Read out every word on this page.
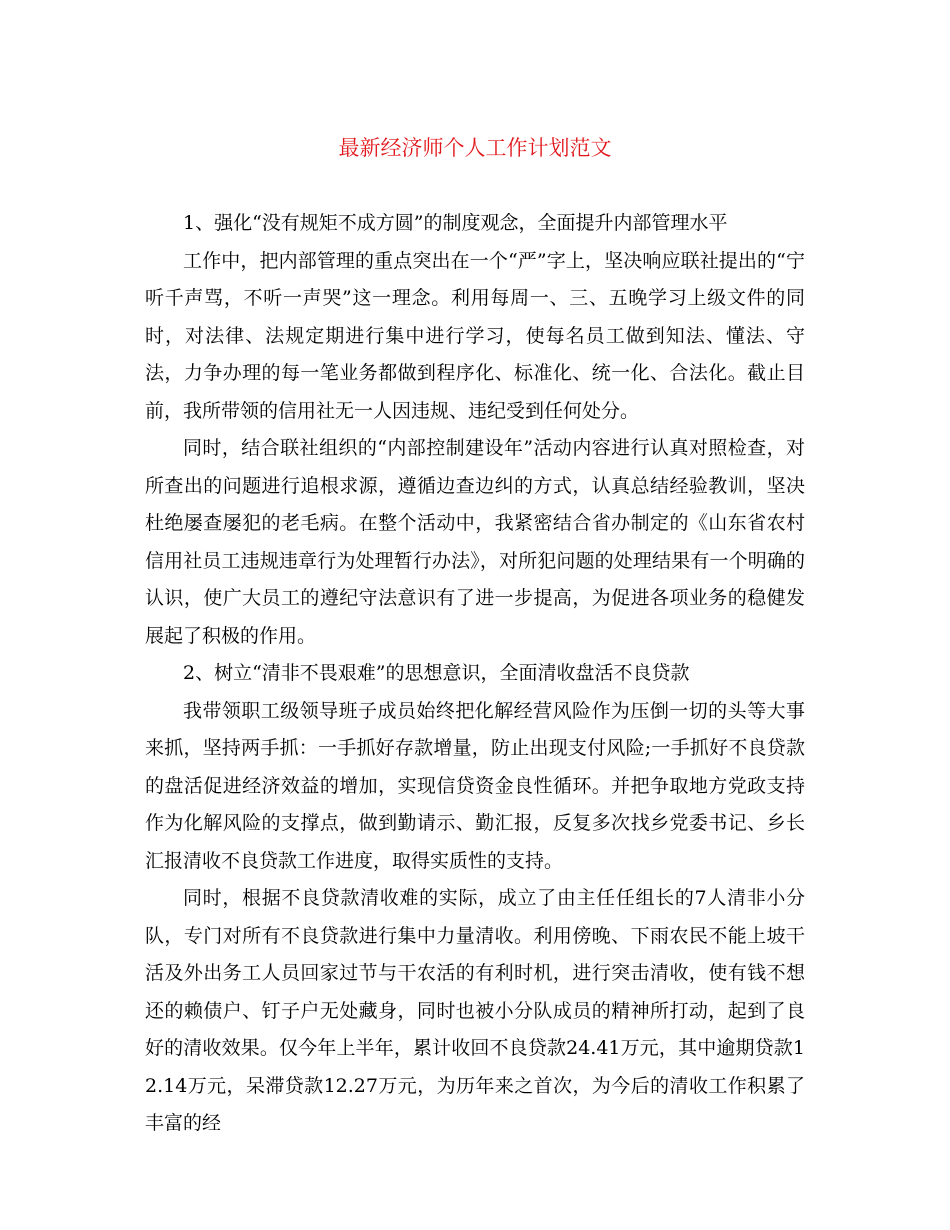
最新经济师个人工作计划范文

1、强化“没有规矩不成方圆”的制度观念，全面提升内部管理水平

工作中，把内部管理的重点突出在一个“严”字上，坚决响应联社提出的“宁听千声骂，不听一声哭”这一理念。利用每周一、三、五晚学习上级文件的同时，对法律、法规定期进行集中进行学习，使每名员工做到知法、懂法、守法，力争办理的每一笔业务都做到程序化、标准化、统一化、合法化。截止目前，我所带领的信用社无一人因违规、违纪受到任何处分。

同时，结合联社组织的“内部控制建设年”活动内容进行认真对照检查，对所查出的问题进行追根求源，遵循边查边纠的方式，认真总结经验教训，坚决杜绝屡查屡犯的老毛病。在整个活动中，我紧密结合省办制定的《山东省农村信用社员工违规违章行为处理暂行办法》，对所犯问题的处理结果有一个明确的认识，使广大员工的遵纪守法意识有了进一步提高，为促进各项业务的稳健发展起了积极的作用。

2、树立“清非不畏艰难”的思想意识，全面清收盘活不良贷款

我带领职工级领导班子成员始终把化解经营风险作为压倒一切的头等大事来抓，坚持两手抓：一手抓好存款增量，防止出现支付风险;一手抓好不良贷款的盘活促进经济效益的增加，实现信贷资金良性循环。并把争取地方党政支持作为化解风险的支撑点，做到勤请示、勤汇报，反复多次找乡党委书记、乡长汇报清收不良贷款工作进度，取得实质性的支持。

同时，根据不良贷款清收难的实际，成立了由主任任组长的7人清非小分队，专门对所有不良贷款进行集中力量清收。利用傍晚、下雨农民不能上坡干活及外出务工人员回家过节与干农活的有利时机，进行突击清收，使有钱不想还的赖债户、钉子户无处藏身，同时也被小分队成员的精神所打动，起到了良好的清收效果。仅今年上半年，累计收回不良贷款24.41万元，其中逾期贷款12.14万元，呆滞贷款12.27万元，为历年来之首次，为今后的清收工作积累了丰富的经
